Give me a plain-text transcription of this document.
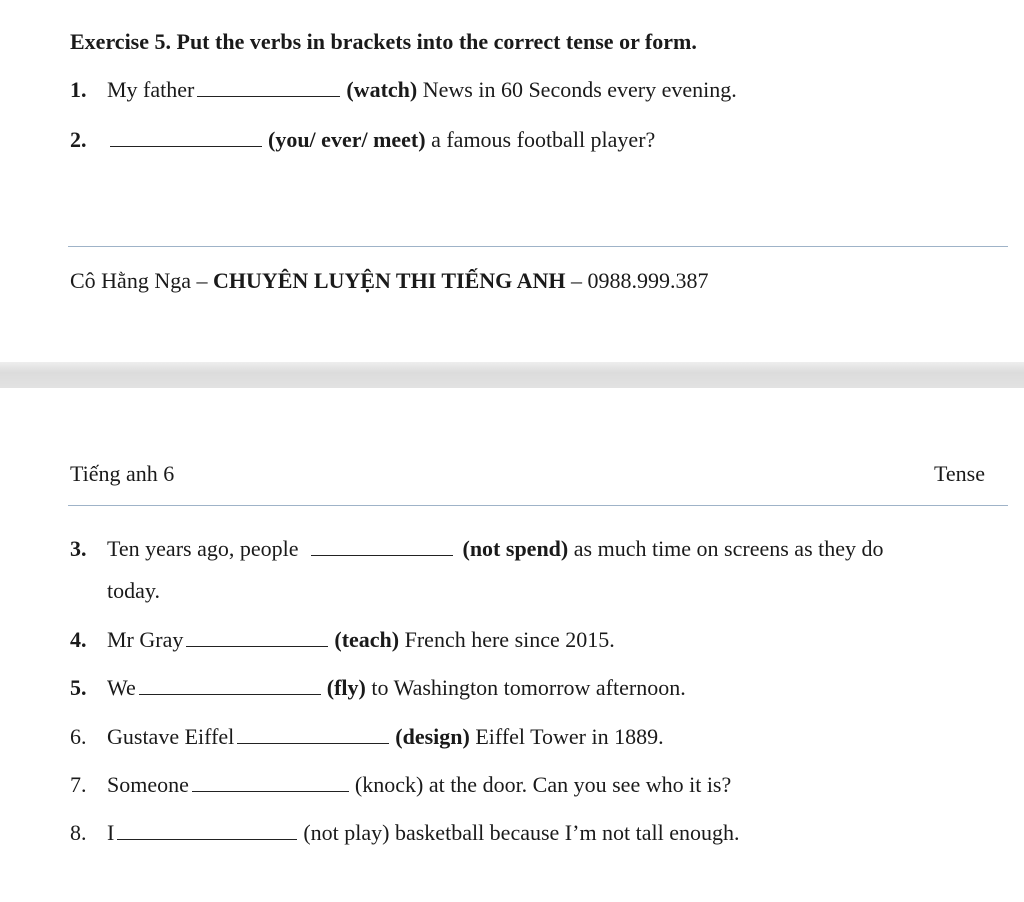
Exercise 5. Put the verbs in brackets into the correct tense or form.
1. My father	(watch) News in 60 Seconds every evening.
2.	(you/ ever/ meet) a famous football player?
Cô Hằng Nga – CHUYÊN LUYỆN THI TIẾNG ANH – 0988.999.387
Tiếng anh 6	Tense
3. Ten years ago, people	(not spend) as much time on screens as they do
today.
4. Mr Gray	(teach) French here since 2015.
5. We	(fly) to Washington tomorrow afternoon.
6. Gustave Eiffel	(design) Eiffel Tower in 1889.
7. Someone	(knock) at the door. Can you see who it is?
8. I	(not play) basketball because I’m not tall enough.
